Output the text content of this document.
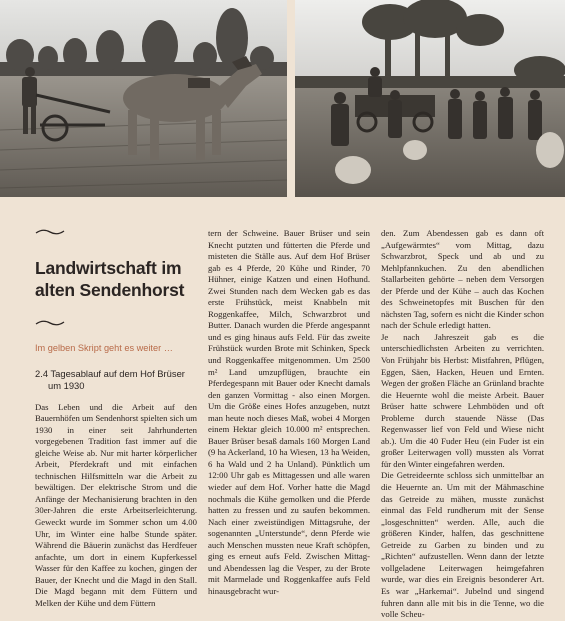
Landwirtschaft im
alten Sendenhorst
Im gelben Skript geht es weiter …
2.4 Tagesablauf auf dem Hof Brüser
um 1930

Das Leben und die Arbeit auf den Bauernhöfen um Sendenhorst spielten sich um 1930 in einer seit Jahrhunderten vorgegebenen Tradition fast immer auf die gleiche Weise ab. Nur mit harter körperlicher Arbeit, Pferdekraft und mit einfachen technischen Hilfsmitteln war die Arbeit zu bewältigen. Der elektrische Strom und die Anfänge der Mechanisierung brachten in den 30er-Jahren die erste Arbeitserleichterung. Geweckt wurde im Sommer schon um 4.00 Uhr, im Winter eine halbe Stunde später. Während die Bäuerin zunächst das Herdfeuer anfachte, um dort in einem Kupferkessel Wasser für den Kaffee zu kochen, gingen der Bauer, der Knecht und die Magd in den Stall. Die Magd begann mit dem Füttern und Melken der Kühe und dem Füttern

tern der Schweine. Bauer Brüser und sein Knecht putzten und fütterten die Pferde und misteten die Ställe aus. Auf dem Hof Brüser gab es 4 Pferde, 20 Kühe und Rinder, 70 Hühner, einige Katzen und einen Hofhund. Zwei Stunden nach dem Wecken gab es das erste Frühstück, meist Knabbeln mit Roggenkaffee, Milch, Schwarzbrot und Butter. Danach wurden die Pferde angespannt und es ging hinaus aufs Feld. Für das zweite Frühstück wurden Brote mit Schinken, Speck und Roggenkaffee mitgenommen. Um 2500 m² Land umzupflügen, brauchte ein Pferdegespann mit Bauer oder Knecht damals den ganzen Vormittag - also einen Morgen. Um die Größe eines Hofes anzugeben, nutzt man heute noch dieses Maß, wobei 4 Morgen einem Hektar gleich 10.000 m² entsprechen. Bauer Brüser besaß damals 160 Morgen Land (9 ha Ackerland, 10 ha Wiesen, 13 ha Weiden, 6 ha Wald und 2 ha Unland). Pünktlich um 12:00 Uhr gab es Mittagessen und alle waren wieder auf dem Hof. Vorher hatte die Magd nochmals die Kühe gemolken und die Pferde hatten zu fressen und zu saufen bekommen. Nach einer zweistündigen Mittagsruhe, der sogenannten „Unterstunde“, denn Pferde wie auch Menschen mussten neue Kraft schöpfen, ging es erneut aufs Feld. Zwischen Mittag- und Abendessen lag die Vesper, zu der Brote mit Marmelade und Roggenkaffee aufs Feld hinausgebracht wur-

den. Zum Abendessen gab es dann oft „Aufgewärmtes“ vom Mittag, dazu Schwarzbrot, Speck und ab und zu Mehlpfannkuchen. Zu den abendlichen Stallarbeiten gehörte – neben dem Versorgen der Pferde und der Kühe – auch das Kochen des Schweinetopfes mit Buschen für den nächsten Tag, sofern es nicht die Kinder schon nach der Schule erledigt hatten.

Je nach Jahreszeit gab es die unterschiedlichsten Arbeiten zu verrichten. Von Frühjahr bis Herbst: Mistfahren, Pflügen, Eggen, Säen, Hacken, Heuen und Ernten. Wegen der großen Fläche an Grünland brachte die Heuernte wohl die meiste Arbeit. Bauer Brüser hatte schwere Lehmböden und oft Probleme durch stauende Nässe (Das Regenwasser lief von Feld und Wiese nicht ab.). Um die 40 Fuder Heu (ein Fuder ist ein großer Leiterwagen voll) mussten als Vorrat für den Winter eingefahren werden.

Die Getreideernte schloss sich unmittelbar an die Heuernte an. Um mit der Mähmaschine das Getreide zu mähen, musste zunächst einmal das Feld rundherum mit der Sense „losgeschnitten“ werden. Alle, auch die größeren Kinder, halfen, das geschnittene Getreide zu Garben zu binden und zu „Richten“ aufzustellen. Wenn dann der letzte vollgeladene Leiterwagen heimgefahren wurde, war dies ein Ereignis besonderer Art. Es war „Harkemai“. Jubelnd und singend fuhren dann alle mit bis in die Tenne, wo die volle Scheu-
